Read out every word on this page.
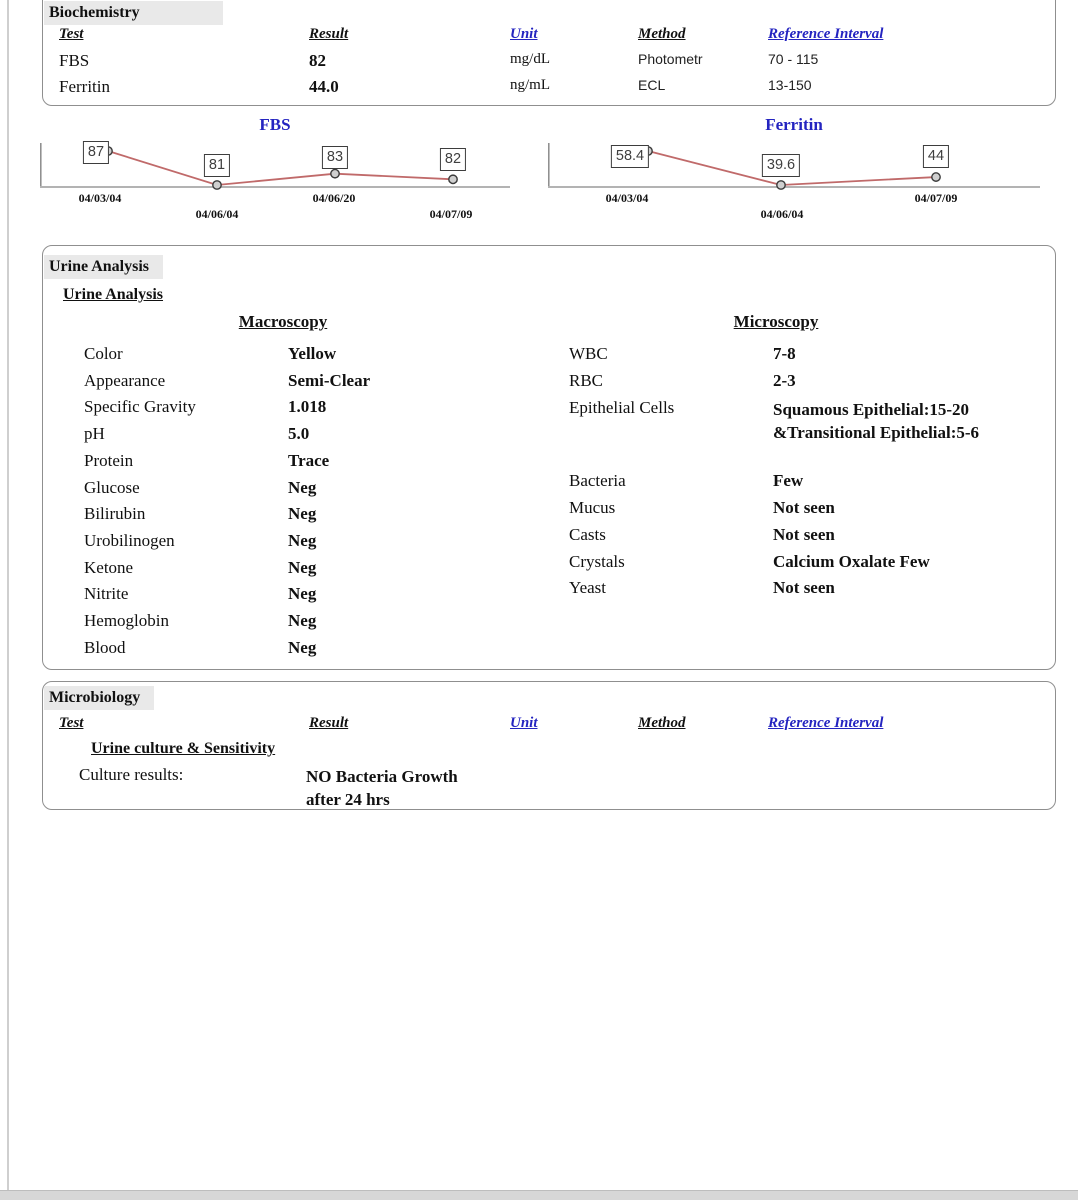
Biochemistry
Test	Result	Unit	Method	Reference Interval
FBS	82	mg/dL	Photometr	70 - 115
Ferritin	44.0	ng/mL	ECL	13-150
FBS
87
81
83	82
04/03/04
04/06/04
04/06/20
04/07/09
Ferritin
58.4
39.6
44
04/03/04
04/06/04
04/07/09
Urine Analysis
Urine Analysis
Macroscopy	Microscopy
Color	Yellow
Appearance	Semi-Clear
Specific Gravity	1.018
pH	5.0
Protein	Trace
Glucose	Neg
Bilirubin	Neg
Urobilinogen	Neg
Ketone	Neg
Nitrite	Neg
Hemoglobin	Neg
Blood	Neg
WBC	7-8
RBC	2-3
Epithelial Cells	Squamous Epithelial:15-20 &Transitional Epithelial:5-6
Bacteria	Few
Mucus	Not seen
Casts	Not seen
Crystals	Calcium Oxalate Few
Yeast	Not seen
Microbiology
Test	Result	Unit	Method	Reference Interval
Urine culture & Sensitivity
Culture results:	NO Bacteria Growth after 24 hrs
